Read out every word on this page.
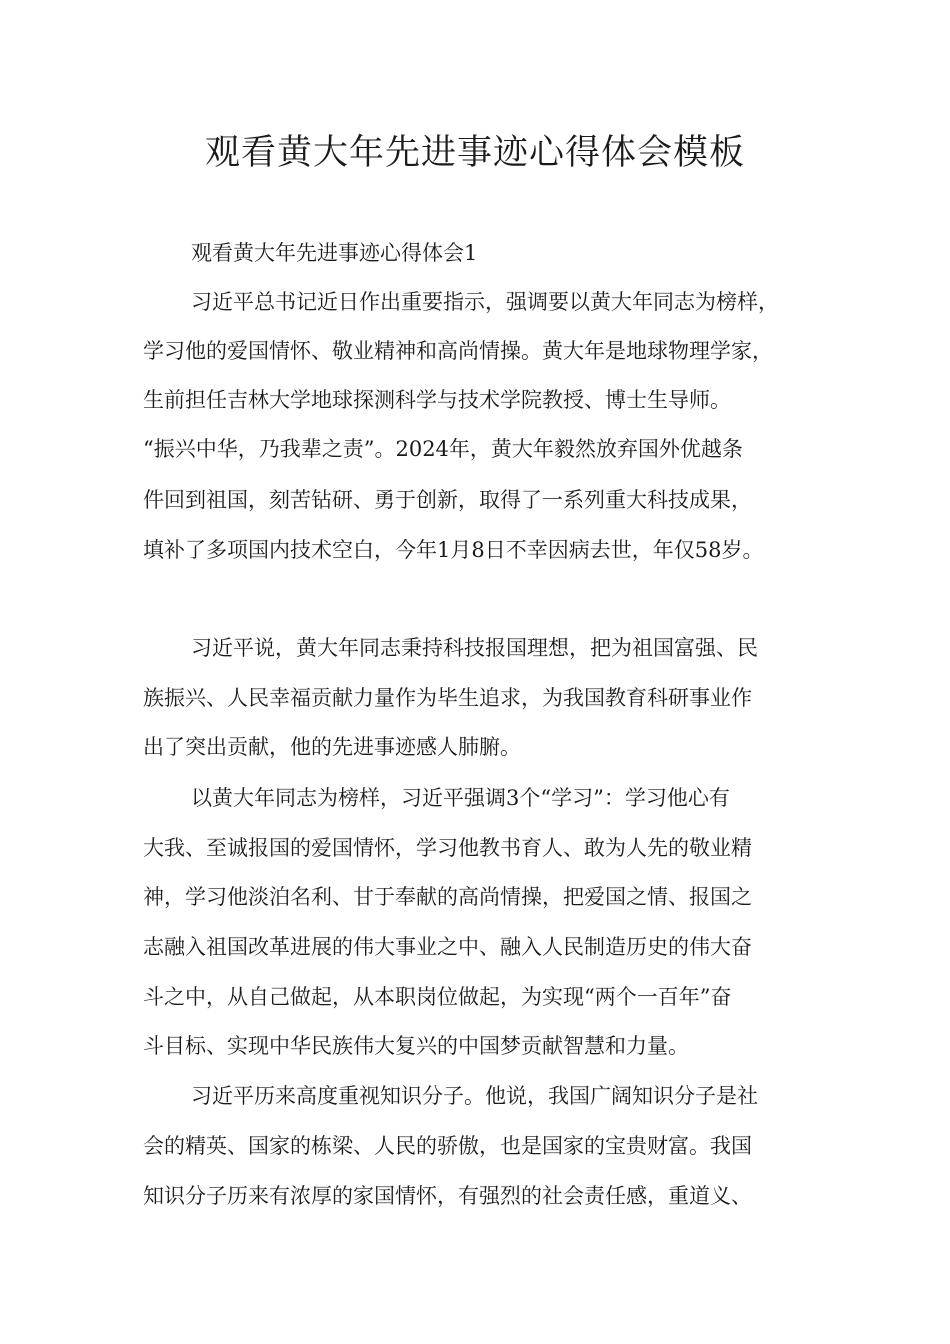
观看黄大年先进事迹心得体会模板

观看黄大年先进事迹心得体会1

习近平总书记近日作出重要指示，强调要以黄大年同志为榜样，

学习他的爱国情怀、敬业精神和高尚情操。黄大年是地球物理学家，

生前担任吉林大学地球探测科学与技术学院教授、博士生导师。

“振兴中华，乃我辈之责”。2024年，黄大年毅然放弃国外优越条

件回到祖国，刻苦钻研、勇于创新，取得了一系列重大科技成果，

填补了多项国内技术空白，今年1月8日不幸因病去世，年仅58岁。

习近平说，黄大年同志秉持科技报国理想，把为祖国富强、民

族振兴、人民幸福贡献力量作为毕生追求，为我国教育科研事业作

出了突出贡献，他的先进事迹感人肺腑。

以黄大年同志为榜样，习近平强调3个“学习”：学习他心有

大我、至诚报国的爱国情怀，学习他教书育人、敢为人先的敬业精

神，学习他淡泊名利、甘于奉献的高尚情操，把爱国之情、报国之

志融入祖国改革进展的伟大事业之中、融入人民制造历史的伟大奋

斗之中，从自己做起，从本职岗位做起，为实现“两个一百年”奋

斗目标、实现中华民族伟大复兴的中国梦贡献智慧和力量。

习近平历来高度重视知识分子。他说，我国广阔知识分子是社

会的精英、国家的栋梁、人民的骄傲，也是国家的宝贵财富。我国

知识分子历来有浓厚的家国情怀，有强烈的社会责任感，重道义、
